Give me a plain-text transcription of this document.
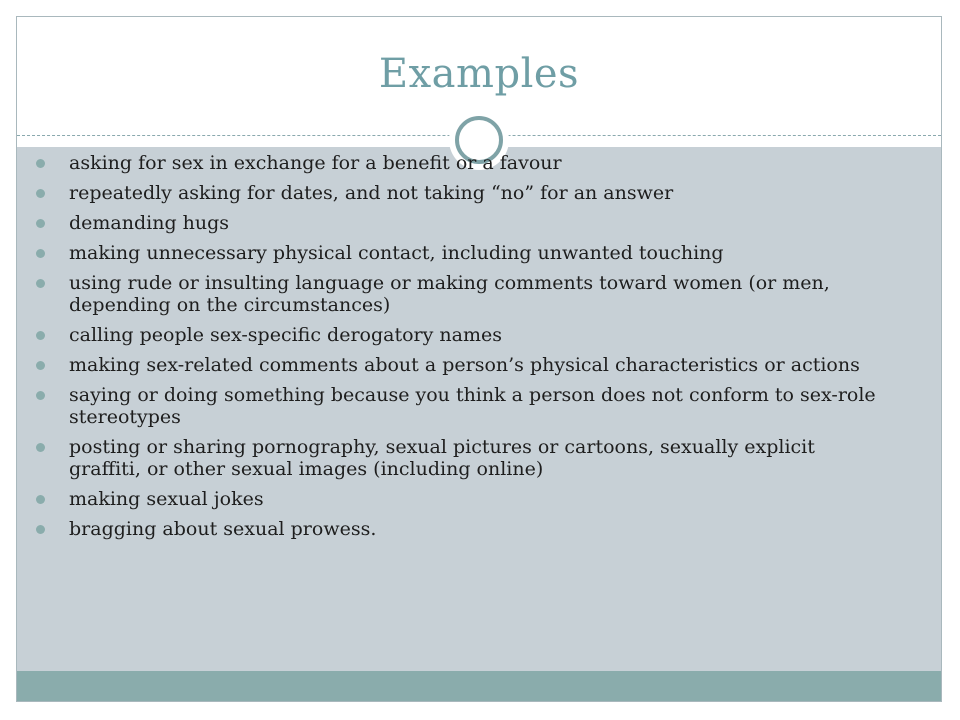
Examples
asking for sex in exchange for a benefit or a favour
repeatedly asking for dates, and not taking “no” for an answer
demanding hugs
making unnecessary physical contact, including unwanted touching
using rude or insulting language or making comments toward women (or men, depending on the circumstances)
calling people sex-specific derogatory names
making sex-related comments about a person’s physical characteristics or actions
saying or doing something because you think a person does not conform to sex-role stereotypes
posting or sharing pornography, sexual pictures or cartoons, sexually explicit graffiti, or other sexual images (including online)
making sexual jokes
bragging about sexual prowess.
